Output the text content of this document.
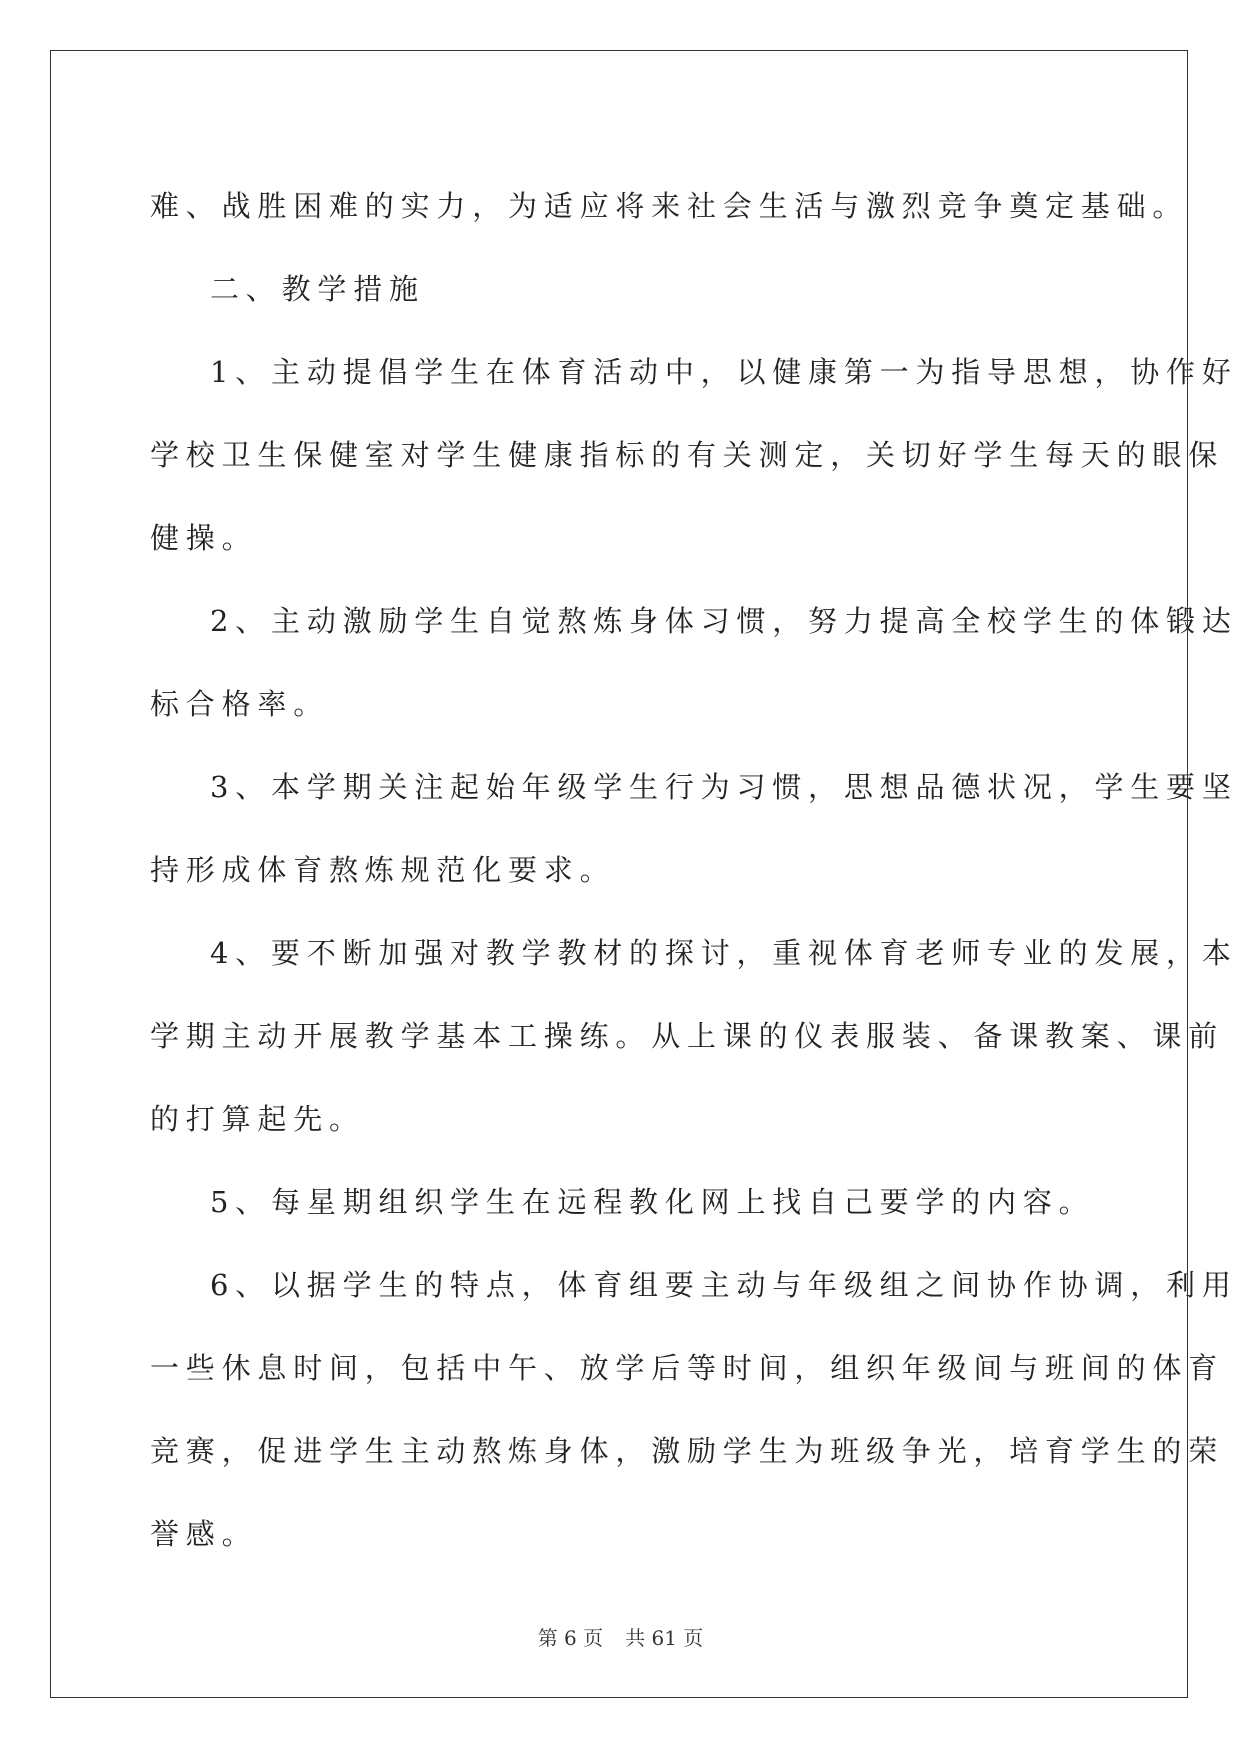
难、战胜困难的实力，为适应将来社会生活与激烈竞争奠定基础。
二、教学措施
1、主动提倡学生在体育活动中，以健康第一为指导思想，协作好
学校卫生保健室对学生健康指标的有关测定，关切好学生每天的眼保
健操。
2、主动激励学生自觉熬炼身体习惯，努力提高全校学生的体锻达
标合格率。
3、本学期关注起始年级学生行为习惯，思想品德状况，学生要坚
持形成体育熬炼规范化要求。
4、要不断加强对教学教材的探讨，重视体育老师专业的发展，本
学期主动开展教学基本工操练。从上课的仪表服装、备课教案、课前
的打算起先。
5、每星期组织学生在远程教化网上找自己要学的内容。
6、以据学生的特点，体育组要主动与年级组之间协作协调，利用
一些休息时间，包括中午、放学后等时间，组织年级间与班间的体育
竞赛，促进学生主动熬炼身体，激励学生为班级争光，培育学生的荣
誉感。
第 6 页 共 61 页
